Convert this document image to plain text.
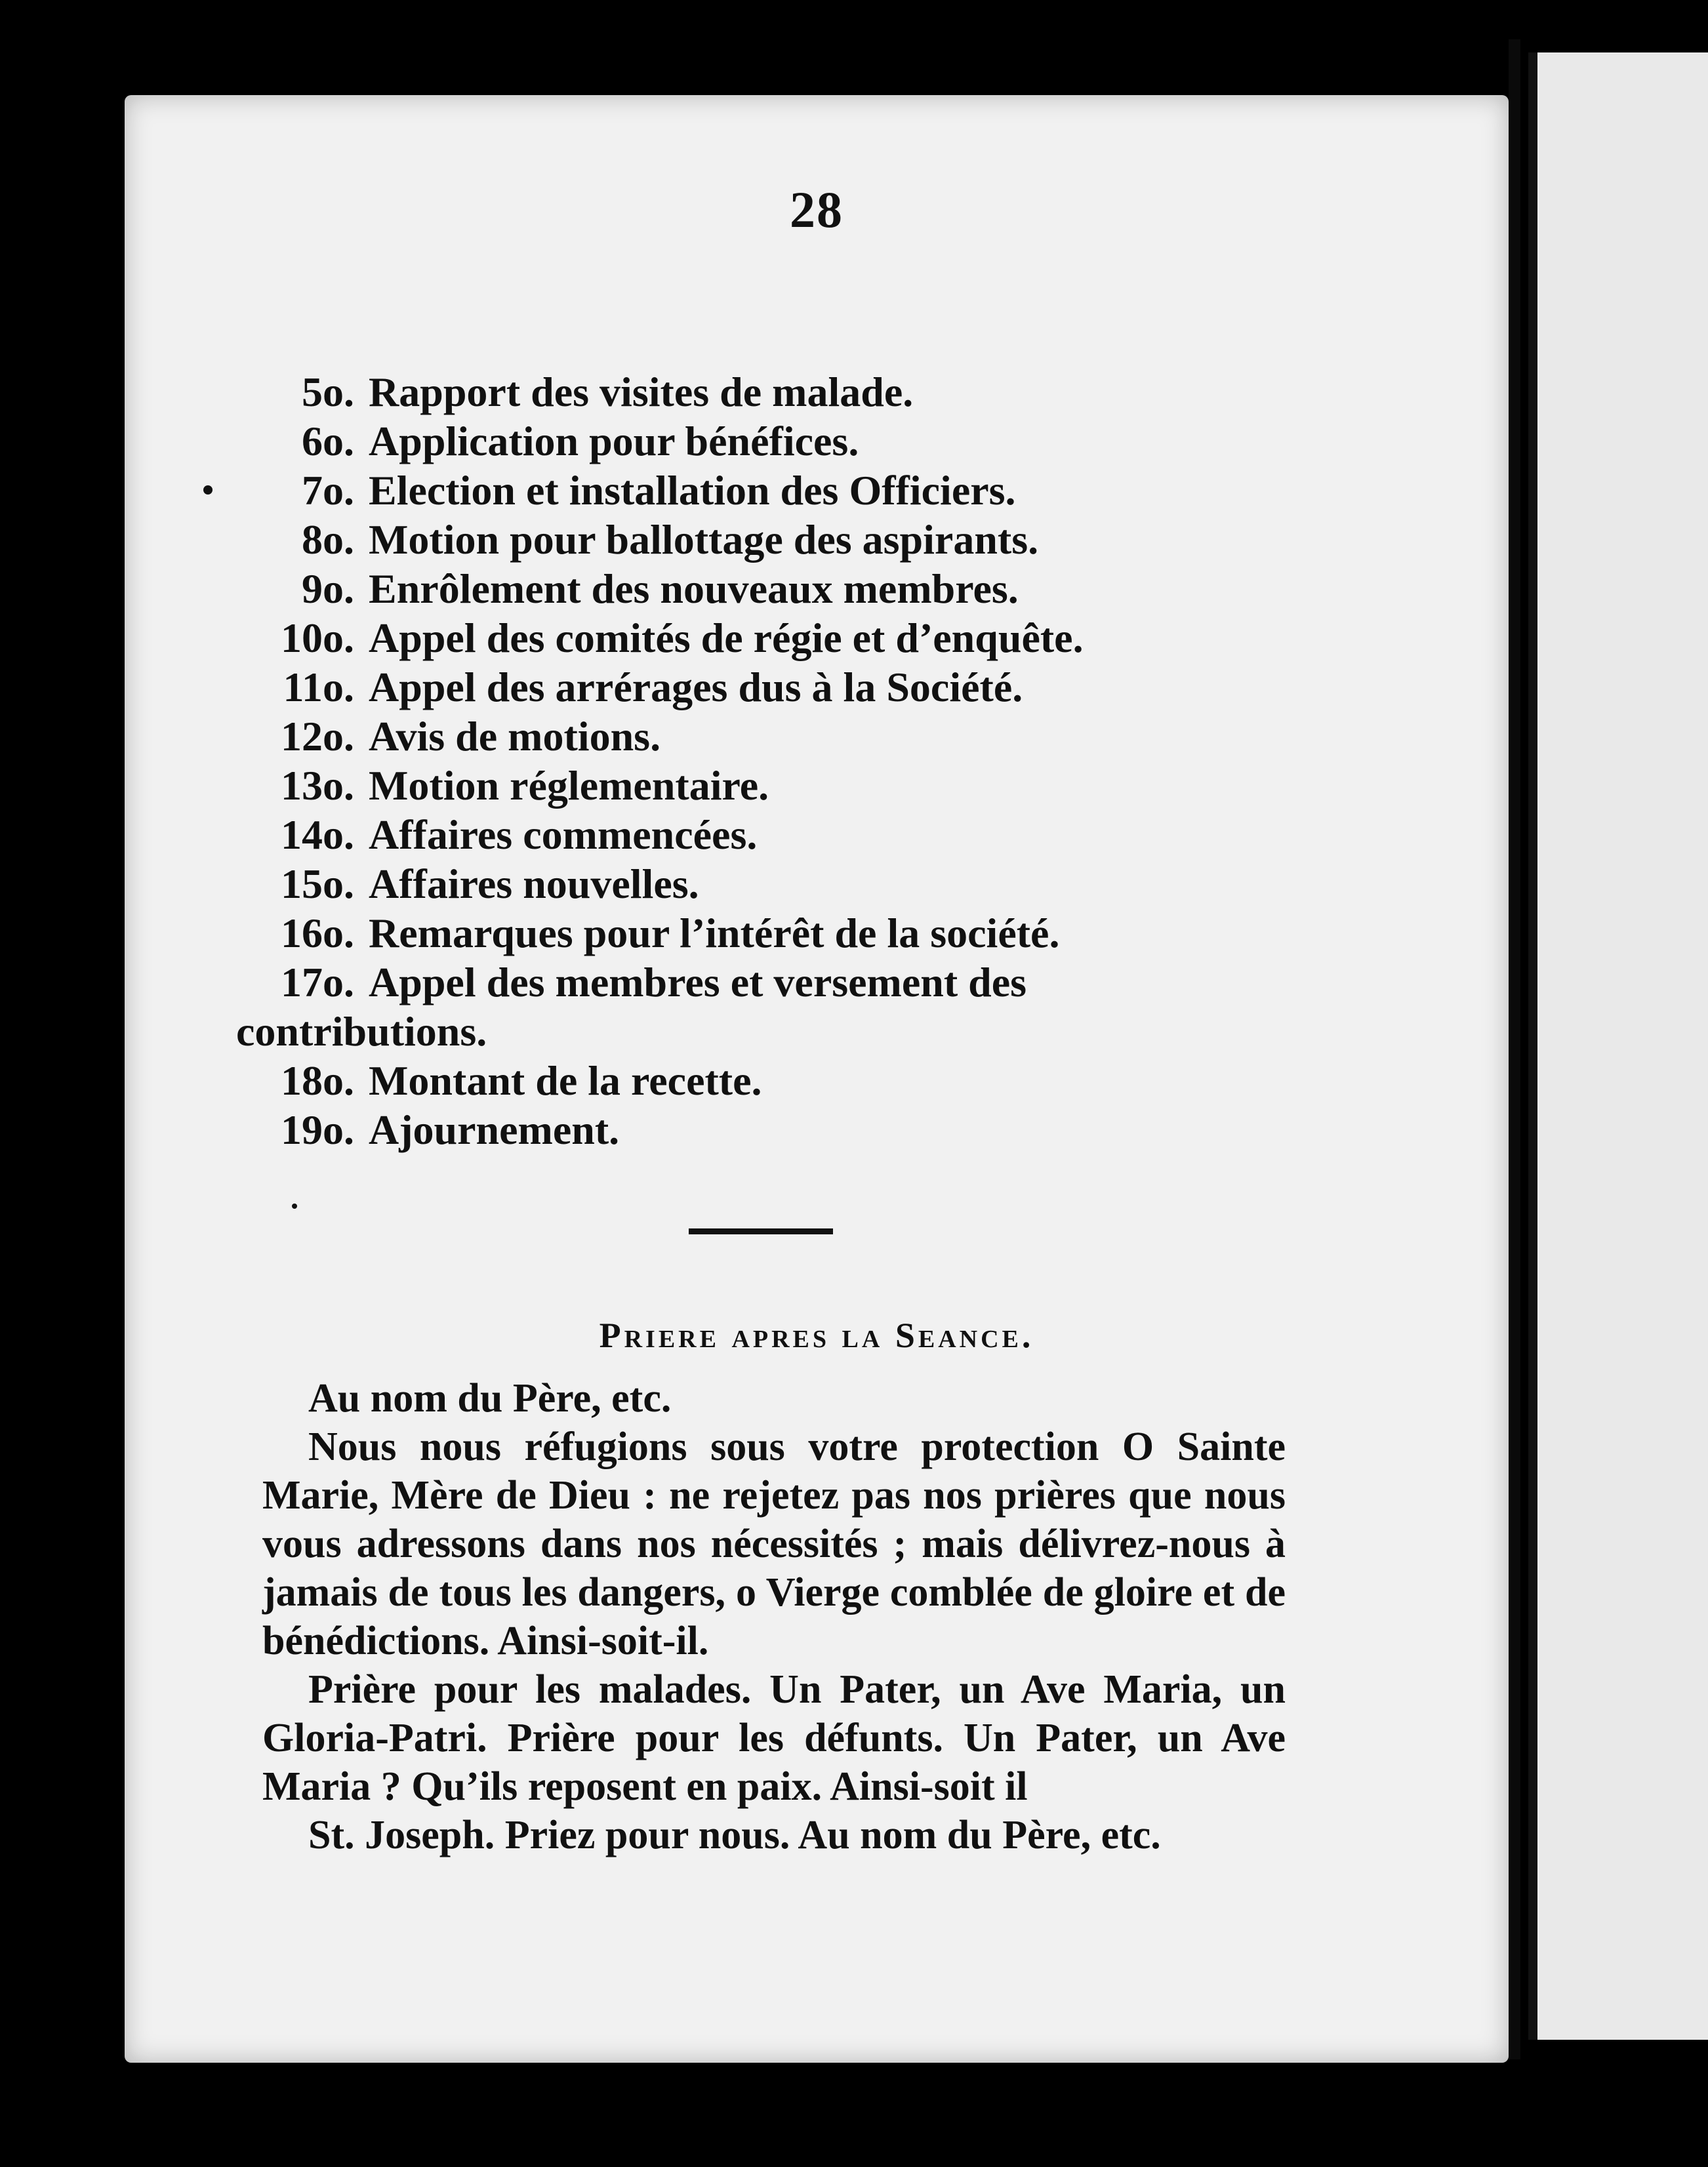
28
5o. Rapport des visites de malade.
6o. Application pour bénéfices.
7o. Election et installation des Officiers.
8o. Motion pour ballottage des aspirants.
9o. Enrôlement des nouveaux membres.
10o. Appel des comités de régie et d’enquête.
11o. Appel des arrérages dus à la Société.
12o. Avis de motions.
13o. Motion réglementaire.
14o. Affaires commencées.
15o. Affaires nouvelles.
16o. Remarques pour l’intérêt de la société.
17o. Appel des membres et versement des
contributions.
18o. Montant de la recette.
19o. Ajournement.
Priere apres la Seance.

Au nom du Père, etc.

Nous nous réfugions sous votre protection O Sainte Marie, Mère de Dieu : ne rejetez pas nos prières que nous vous adressons dans nos nécessités ; mais délivrez-nous à jamais de tous les dangers, o Vierge comblée de gloire et de bénédictions. Ainsi-soit-il.

Prière pour les malades. Un Pater, un Ave Maria, un Gloria-Patri. Prière pour les défunts. Un Pater, un Ave Maria ? Qu’ils reposent en paix. Ainsi-soit il

St. Joseph. Priez pour nous. Au nom du Père, etc.
